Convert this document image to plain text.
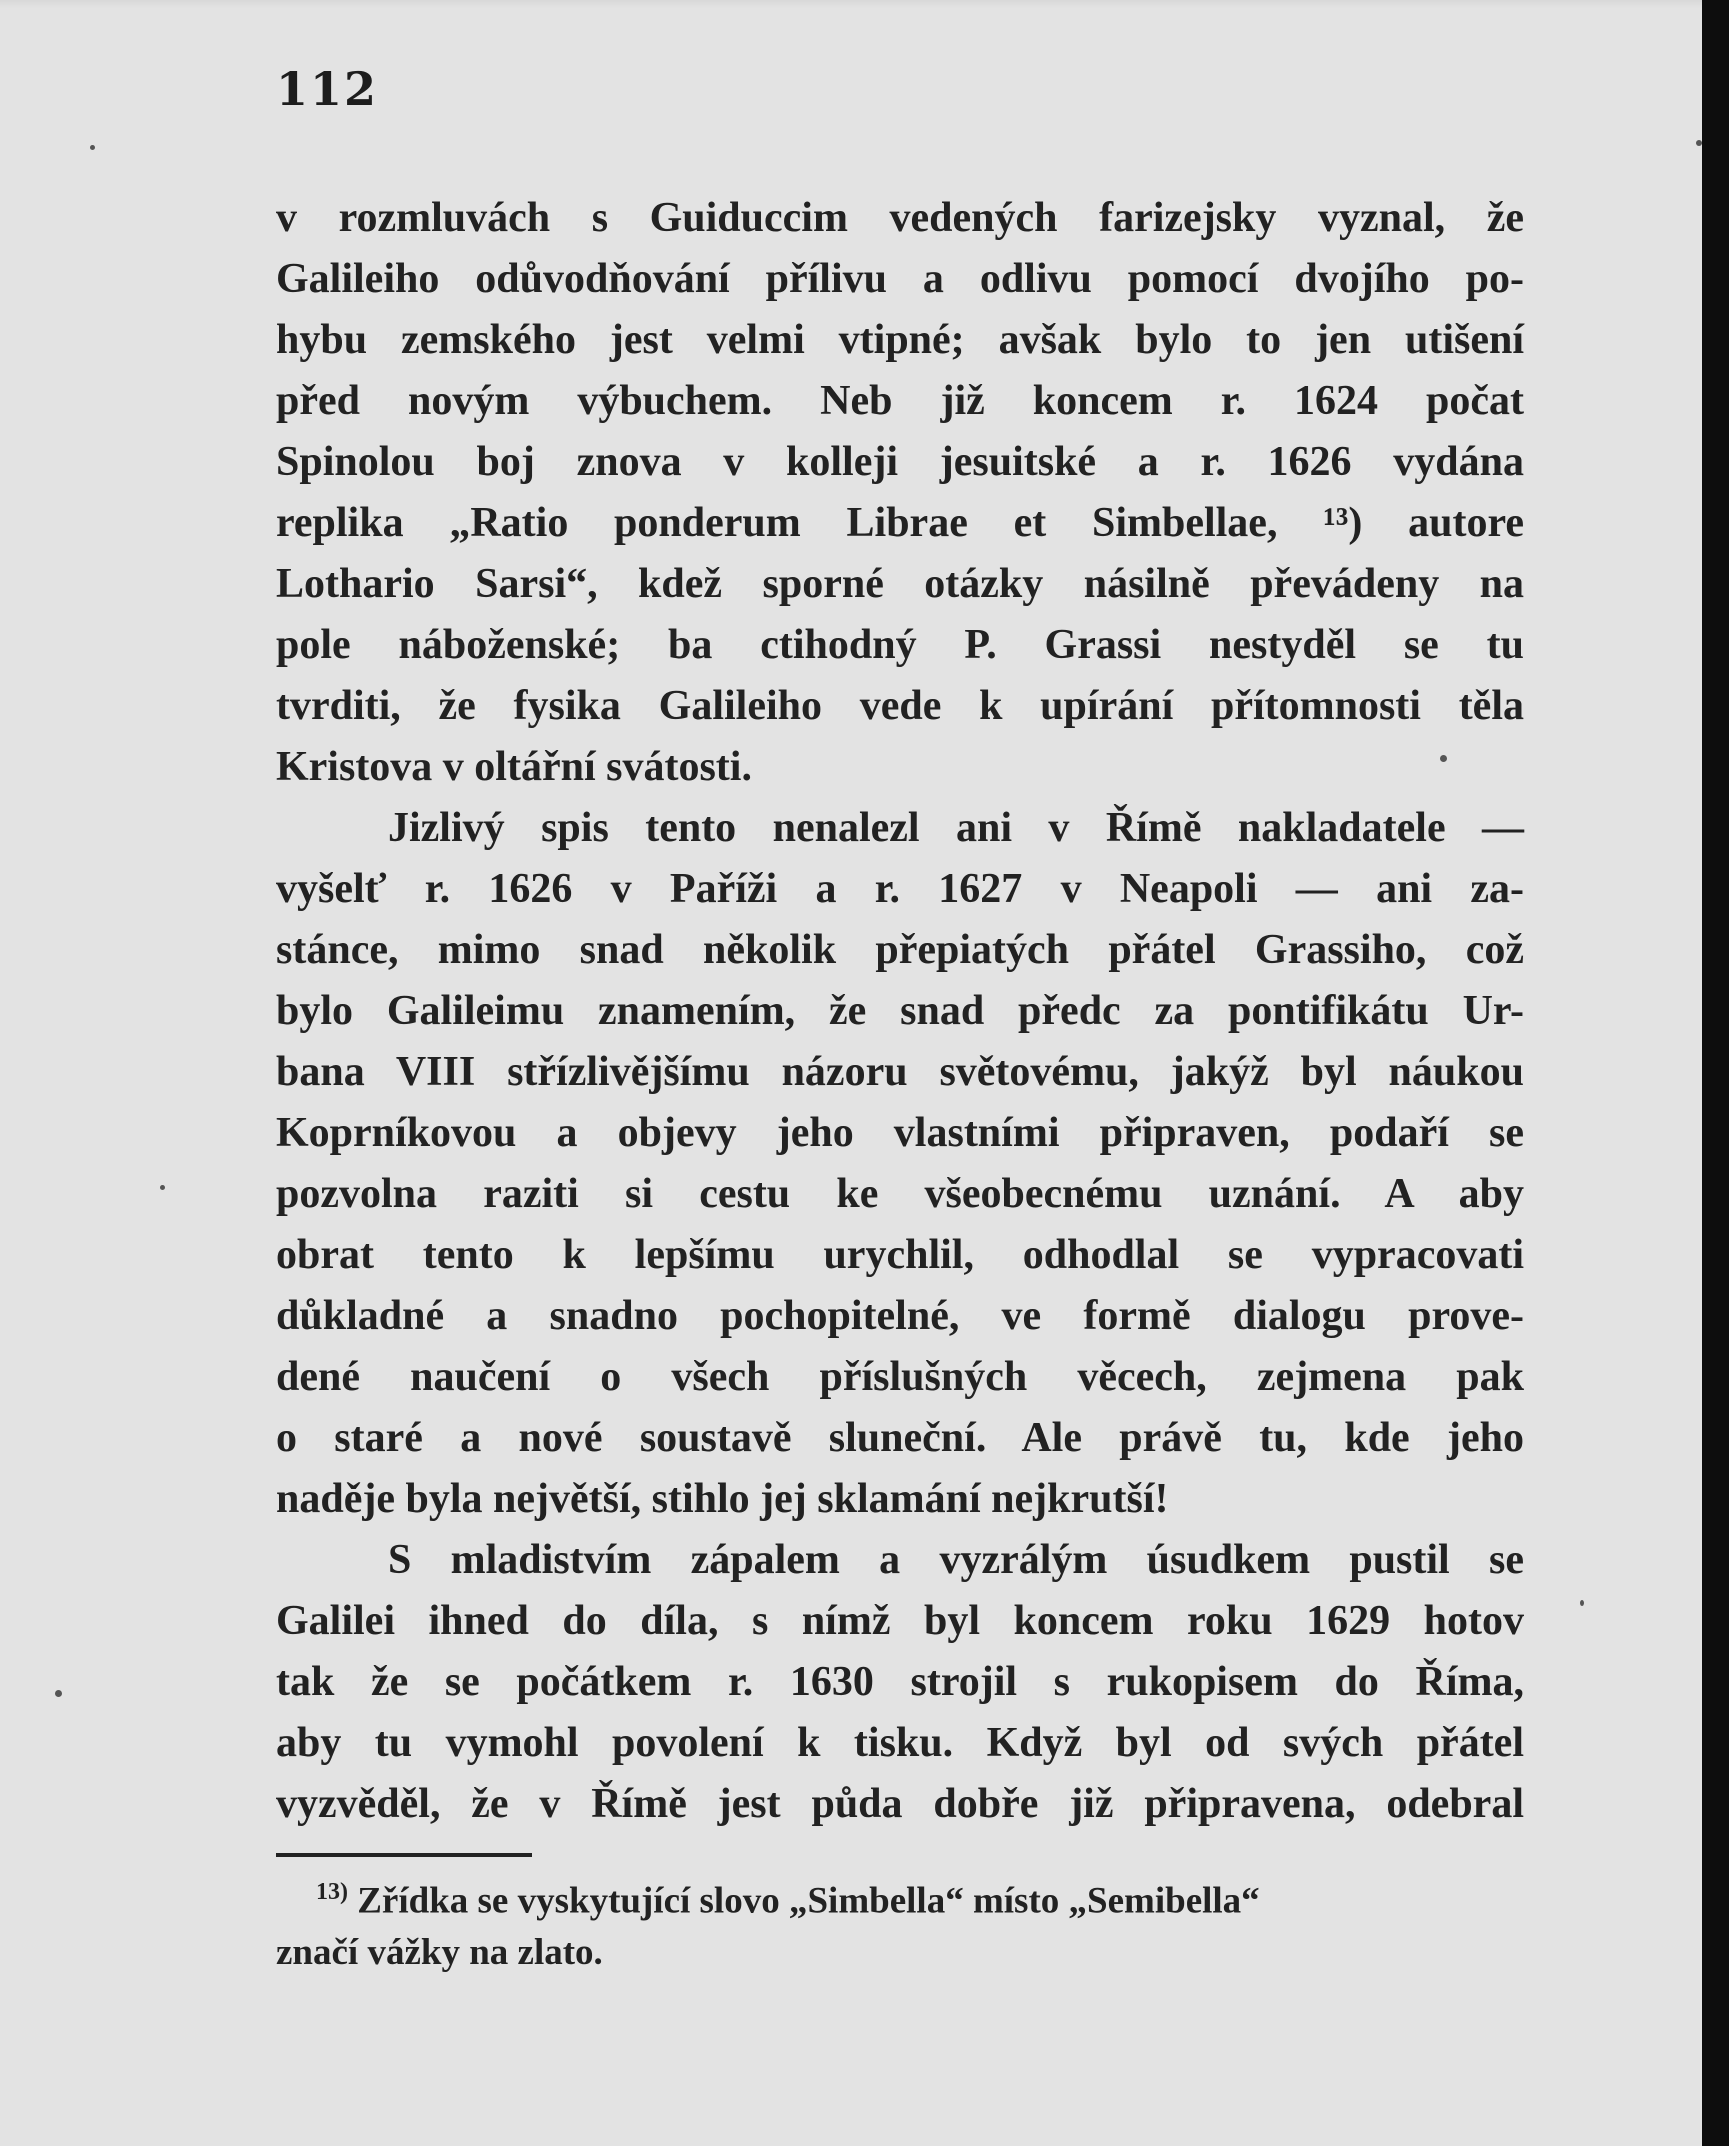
112
v rozmluvách s Guiduccim vedených farizejsky vyznal, že
Galileiho odůvodňování přílivu a odlivu pomocí dvojího po-
hybu zemského jest velmi vtipné; avšak bylo to jen utišení
před novým výbuchem. Neb již koncem r. 1624 počat
Spinolou boj znova v kolleji jesuitské a r. 1626 vydána
replika „Ratio ponderum Librae et Simbellae, ¹³) autore
Lothario Sarsi“, kdež sporné otázky násilně převádeny na
pole náboženské; ba ctihodný P. Grassi nestyděl se tu
tvrditi, že fysika Galileiho vede k upírání přítomnosti těla
Kristova v oltářní svátosti.
Jizlivý spis tento nenalezl ani v Římě nakladatele —
vyšelť r. 1626 v Paříži a r. 1627 v Neapoli — ani za-
stánce, mimo snad několik přepiatých přátel Grassiho, což
bylo Galileimu znamením, že snad předc za pontifikátu Ur-
bana VIII střízlivějšímu názoru světovému, jakýž byl náukou
Koprníkovou a objevy jeho vlastními připraven, podaří se
pozvolna raziti si cestu ke všeobecnému uznání. A aby
obrat tento k lepšímu urychlil, odhodlal se vypracovati
důkladné a snadno pochopitelné, ve formě dialogu prove-
dené naučení o všech příslušných věcech, zejmena pak
o staré a nové soustavě sluneční. Ale právě tu, kde jeho
naděje byla největší, stihlo jej sklamání nejkrutší!
S mladistvím zápalem a vyzrálým úsudkem pustil se
Galilei ihned do díla, s nímž byl koncem roku 1629 hotov
tak že se počátkem r. 1630 strojil s rukopisem do Říma,
aby tu vymohl povolení k tisku. Když byl od svých přátel
vyzvěděl, že v Římě jest půda dobře již připravena, odebral
$^{13)}$ Zřídka se vyskytující slovo „Simbella“ místo „Semibella“
značí vážky na zlato.
